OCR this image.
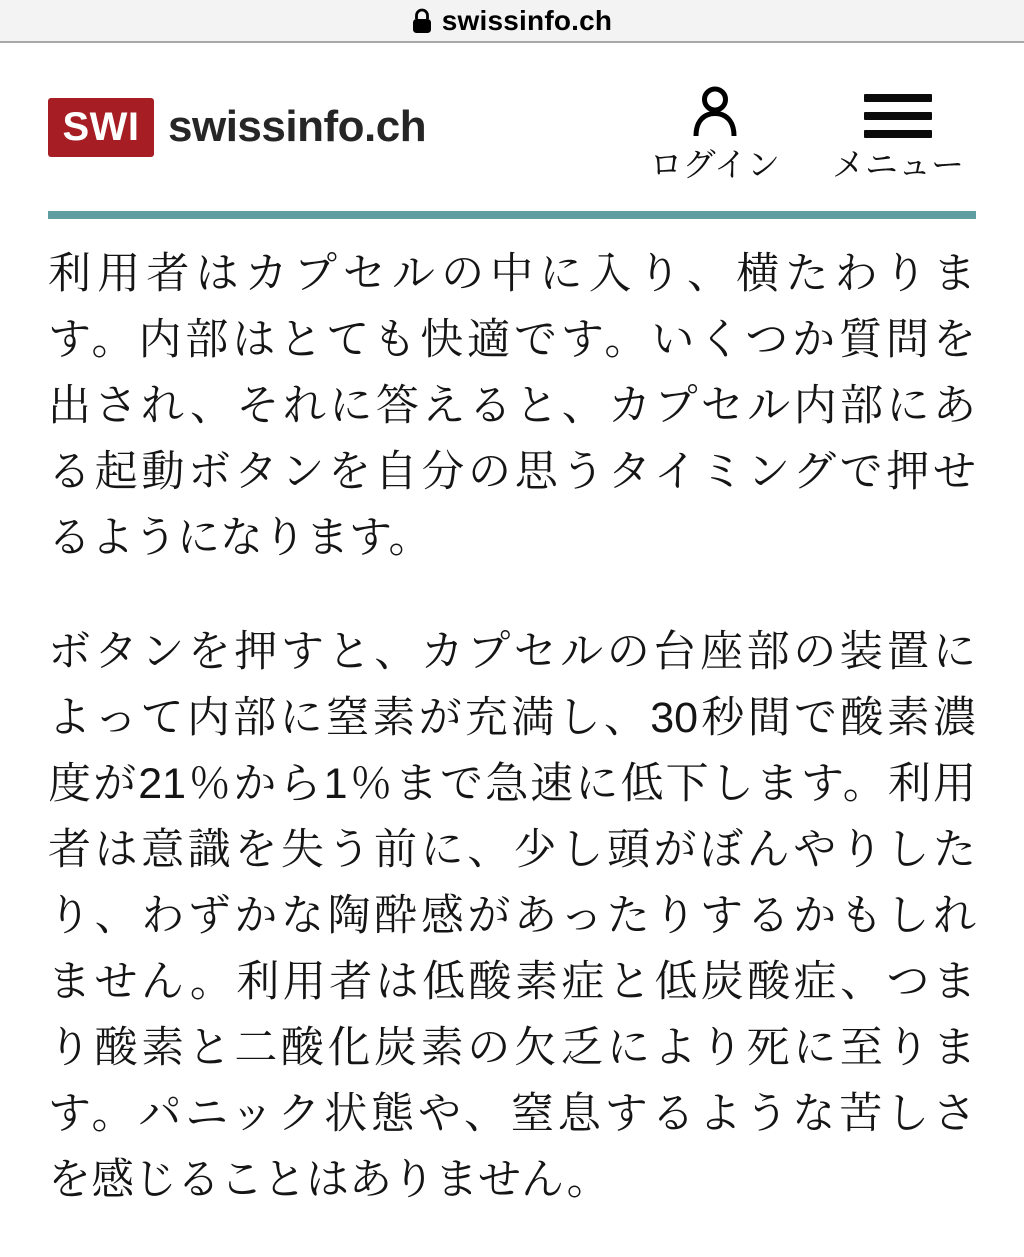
swissinfo.ch
SWI swissinfo.ch
ログイン メニュー
利用者はカプセルの中に入り、横たわりま
す。内部はとても快適です。いくつか質問を
出され、それに答えると、カプセル内部にあ
る起動ボタンを自分の思うタイミングで押せ
るようになります。
ボタンを押すと、カプセルの台座部の装置に
よって内部に窒素が充満し、30秒間で酸素濃
度が21％から1％まで急速に低下します。利用
者は意識を失う前に、少し頭がぼんやりした
り、わずかな陶酔感があったりするかもしれ
ません。利用者は低酸素症と低炭酸症、つま
り酸素と二酸化炭素の欠乏により死に至りま
す。パニック状態や、窒息するような苦しさ
を感じることはありません。
